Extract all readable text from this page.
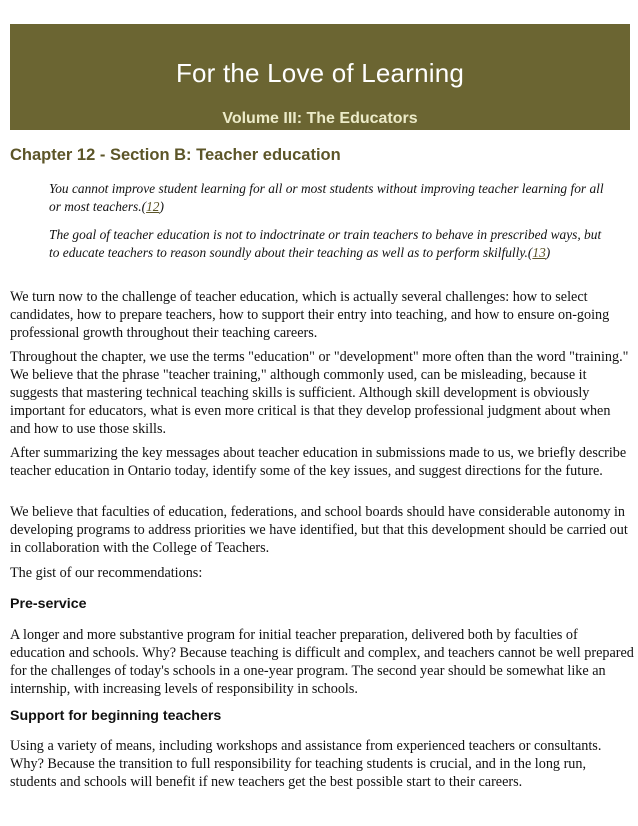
For the Love of Learning
Volume III: The Educators
Chapter 12 - Section B: Teacher education
You cannot improve student learning for all or most students without improving teacher learning for all or most teachers.(12)
The goal of teacher education is not to indoctrinate or train teachers to behave in prescribed ways, but to educate teachers to reason soundly about their teaching as well as to perform skilfully.(13)

We turn now to the challenge of teacher education, which is actually several challenges: how to select candidates, how to prepare teachers, how to support their entry into teaching, and how to ensure on-going professional growth throughout their teaching careers.

Throughout the chapter, we use the terms "education" or "development" more often than the word "training." We believe that the phrase "teacher training," although commonly used, can be misleading, because it suggests that mastering technical teaching skills is sufficient. Although skill development is obviously important for educators, what is even more critical is that they develop professional judgment about when and how to use those skills.

After summarizing the key messages about teacher education in submissions made to us, we briefly describe teacher education in Ontario today, identify some of the key issues, and suggest directions for the future.

We believe that faculties of education, federations, and school boards should have considerable autonomy in developing programs to address priorities we have identified, but that this development should be carried out in collaboration with the College of Teachers.

The gist of our recommendations:

Pre-service

A longer and more substantive program for initial teacher preparation, delivered both by faculties of education and schools. Why? Because teaching is difficult and complex, and teachers cannot be well prepared for the challenges of today's schools in a one-year program. The second year should be somewhat like an internship, with increasing levels of responsibility in schools.

Support for beginning teachers

Using a variety of means, including workshops and assistance from experienced teachers or consultants. Why? Because the transition to full responsibility for teaching students is crucial, and in the long run, students and schools will benefit if new teachers get the best possible start to their careers.
